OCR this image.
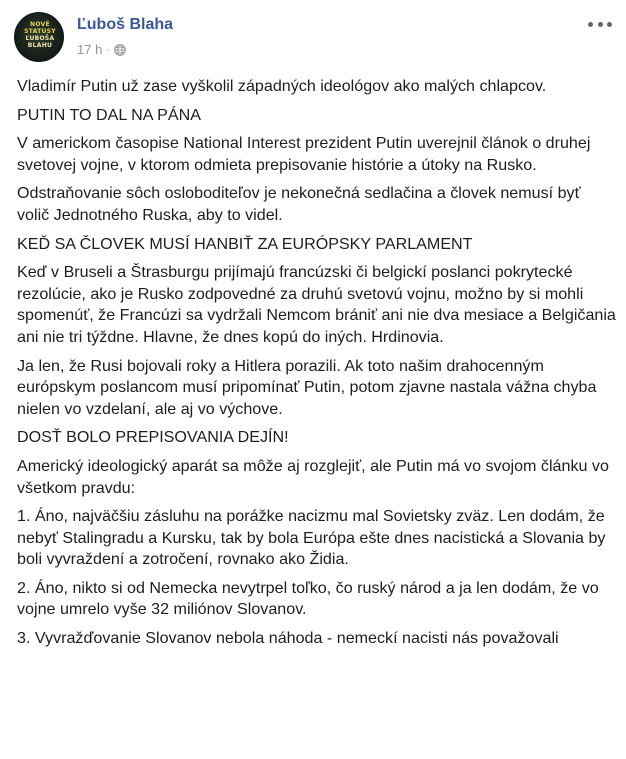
NOVÉ
STATUSY
ĽUBOŠA
BLAHU
Ľuboš Blaha
17 h ·

Vladimír Putin už zase vyškolil západných ideológov ako malých chlapcov.

PUTIN TO DAL NA PÁNA

V americkom časopise National Interest prezident Putin uverejnil článok o druhej svetovej vojne, v ktorom odmieta prepisovanie histórie a útoky na Rusko.

Odstraňovanie sôch osloboditeľov je nekonečná sedlačina a človek nemusí byť volič Jednotného Ruska, aby to videl.

KEĎ SA ČLOVEK MUSÍ HANBIŤ ZA EURÓPSKY PARLAMENT

Keď v Bruseli a Štrasburgu prijímajú francúzski či belgickí poslanci pokrytecké rezolúcie, ako je Rusko zodpovedné za druhú svetovú vojnu, možno by si mohli spomenúť, že Francúzi sa vydržali Nemcom brániť ani nie dva mesiace a Belgičania ani nie tri týždne. Hlavne, že dnes kopú do iných. Hrdinovia.

Ja len, že Rusi bojovali roky a Hitlera porazili. Ak toto našim drahocenným európskym poslancom musí pripomínať Putin, potom zjavne nastala vážna chyba nielen vo vzdelaní, ale aj vo výchove.

DOSŤ BOLO PREPISOVANIA DEJÍN!

Americký ideologický aparát sa môže aj rozglejiť, ale Putin má vo svojom článku vo všetkom pravdu:

1. Áno, najväčšiu zásluhu na porážke nacizmu mal Sovietsky zväz. Len dodám, že nebyť Stalingradu a Kursku, tak by bola Európa ešte dnes nacistická a Slovania by boli vyvraždení a zotročení, rovnako ako Židia.

2. Áno, nikto si od Nemecka nevytrpel toľko, čo ruský národ a ja len dodám, že vo vojne umrelo vyše 32 miliónov Slovanov.

3. Vyvražďovanie Slovanov nebola náhoda - nemeckí nacisti nás považovali
